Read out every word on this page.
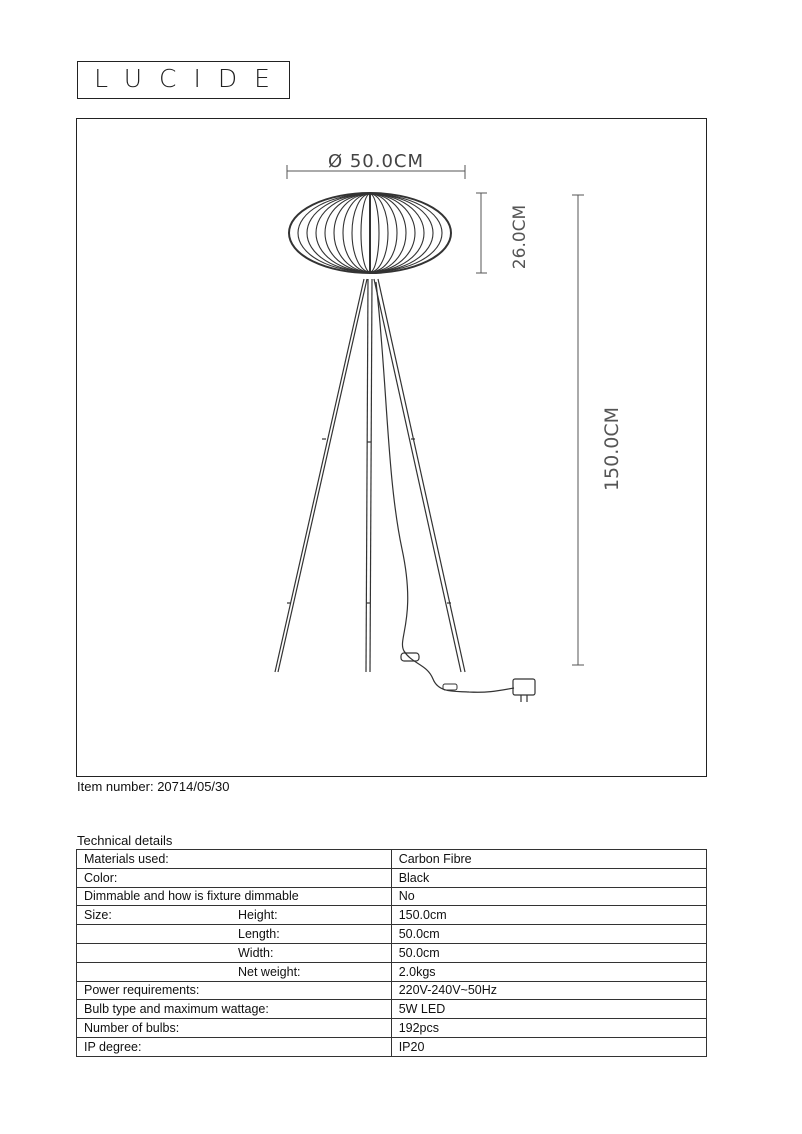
LUCIDE
Ø 50.0CM
26.0CM
150.0CM
Item number: 20714/05/30
Technical details
Materials used:	Carbon Fibre
Color:	Black
Dimmable and how is fixture dimmable	No
Size: Height:	150.0cm

Length:	50.0cm

Width:	50.0cm

Net weight:	2.0kgs
Power requirements:	220V-240V~50Hz
Bulb type and maximum wattage:	5W LED
Number of bulbs:	192pcs
IP degree:	IP20
